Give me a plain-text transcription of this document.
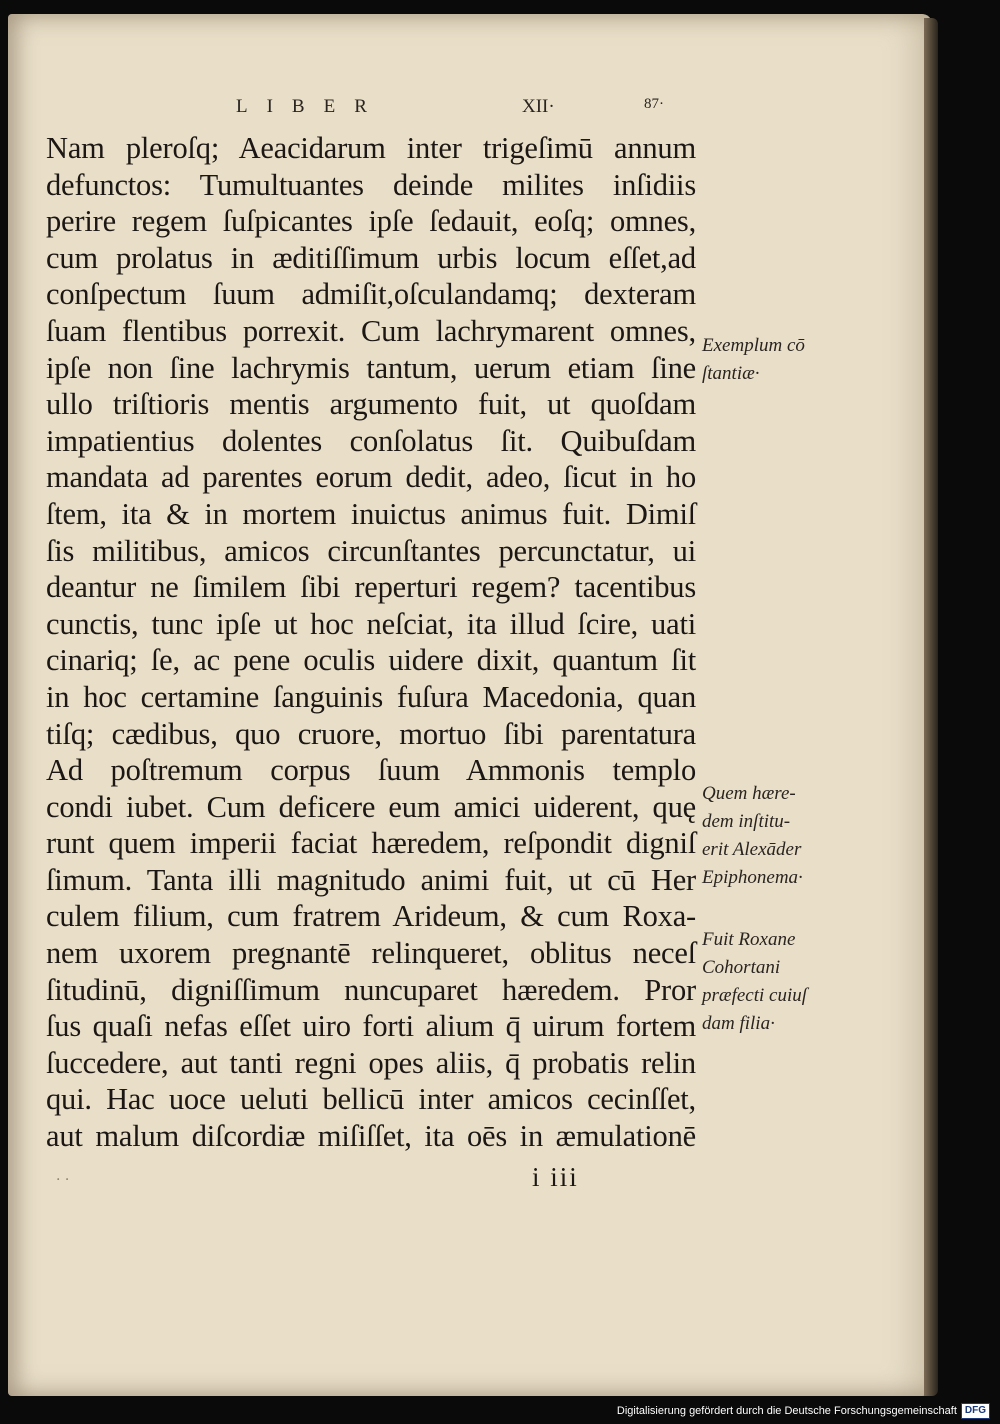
LIBER	XII·	87·
Nam pleroſq; Aeacidarum inter trigeſimū annum
defunctos: Tumultuantes deinde milites inſidiis
perire regem ſuſpicantes ipſe ſedauit, eoſq; omnes,
cum prolatus in æditiſſimum urbis locum eſſet,ad
conſpectum ſuum admiſit,oſculandamq; dexteram
ſuam flentibus porrexit. Cum lachrymarent omnes,
ipſe non ſine lachrymis tantum, uerum etiam ſine
ullo triſtioris mentis argumento fuit, ut quoſdam
impatientius dolentes conſolatus ſit. Quibuſdam
mandata ad parentes eorum dedit, adeo, ſicut in ho
ſtem, ita & in mortem inuictus animus fuit. Dimiſ
ſis militibus, amicos circunſtantes percunctatur, ui
deantur ne ſimilem ſibi reperturi regem? tacentibus
cunctis, tunc ipſe ut hoc neſciat, ita illud ſcire, uati
cinariq; ſe, ac pene oculis uidere dixit, quantum ſit
in hoc certamine ſanguinis fuſura Macedonia, quan
tiſq; cædibus, quo cruore, mortuo ſibi parentatura
Ad poſtremum corpus ſuum Ammonis templo
condi iubet. Cum deficere eum amici uiderent, quę
runt quem imperii faciat hæredem, reſpondit digniſ
ſimum. Tanta illi magnitudo animi fuit, ut cū Her
culem filium, cum fratrem Arideum, & cum Roxa-
nem uxorem pregnantē relinqueret, oblitus neceſ
ſitudinū, digniſſimum nuncuparet hæredem. Pror
ſus quaſi nefas eſſet uiro forti alium q̄ uirum fortem
ſuccedere, aut tanti regni opes aliis, q̄ probatis relin
qui. Hac uoce ueluti bellicū inter amicos cecinſſet,
aut malum diſcordiæ miſiſſet, ita oēs in æmulationē
Exemplum cō
ſtantiæ·
Quem hære-
dem inſtitu-
erit Alexāder
Epiphonema·
Fuit Roxane
Cohortani
præfecti cuiuſ
dam filia·
· ·	i iii
Digitalisierung gefördert durch die Deutsche Forschungsgemeinschaft DFG
